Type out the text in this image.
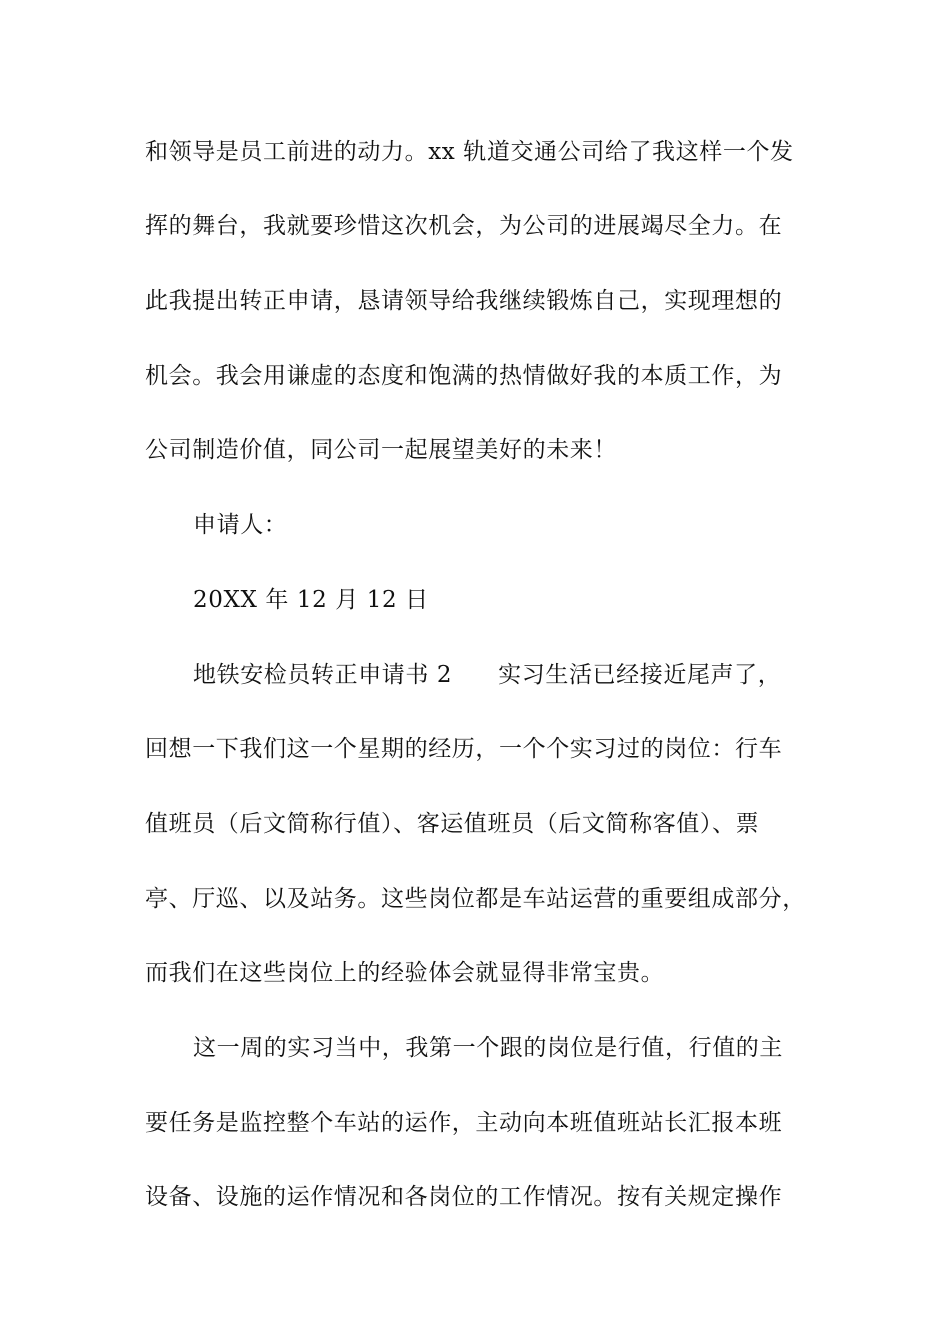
和领导是员工前进的动力。xx 轨道交通公司给了我这样一个发
挥的舞台，我就要珍惜这次机会，为公司的进展竭尽全力。在
此我提出转正申请，恳请领导给我继续锻炼自己，实现理想的
机会。我会用谦虚的态度和饱满的热情做好我的本质工作，为
公司制造价值，同公司一起展望美好的未来！
申请人：
20XX 年 12 月 12 日
地铁安检员转正申请书 2 实习生活已经接近尾声了，
回想一下我们这一个星期的经历，一个个实习过的岗位：行车
值班员（后文简称行值）、客运值班员（后文简称客值）、票
亭、厅巡、以及站务。这些岗位都是车站运营的重要组成部分，
而我们在这些岗位上的经验体会就显得非常宝贵。
这一周的实习当中，我第一个跟的岗位是行值，行值的主
要任务是监控整个车站的运作，主动向本班值班站长汇报本班
设备、设施的运作情况和各岗位的工作情况。按有关规定操作
